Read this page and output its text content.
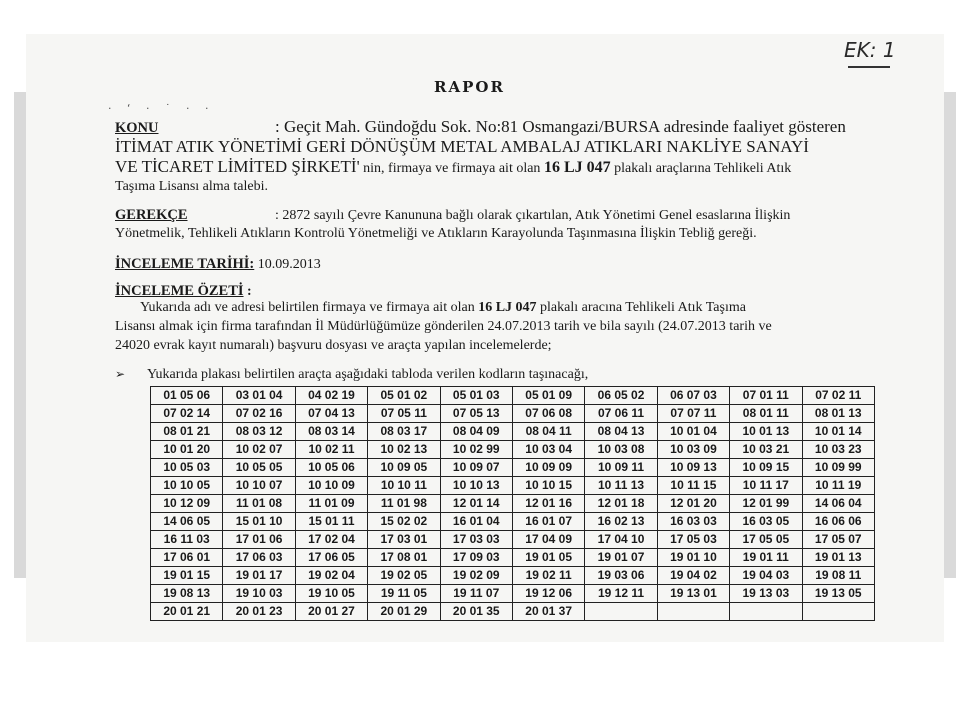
· ‘ · ˙ · ·
EK: 1
RAPOR
KONU	: Geçit Mah. Gündoğdu Sok. No:81 Osmangazi/BURSA adresinde faaliyet gösteren
İTİMAT ATIK YÖNETİMİ GERİ DÖNÜŞÜM METAL AMBALAJ ATIKLARI NAKLİYE SANAYİ
VE TİCARET LİMİTED ŞİRKETİ' nin, firmaya ve firmaya ait olan 16 LJ 047 plakalı araçlarına Tehlikeli Atık
Taşıma Lisansı alma talebi.
GEREKÇE	: 2872 sayılı Çevre Kanununa bağlı olarak çıkartılan, Atık Yönetimi Genel esaslarına İlişkin
Yönetmelik, Tehlikeli Atıkların Kontrolü Yönetmeliği ve Atıkların Karayolunda Taşınmasına İlişkin Tebliğ gereği.
İNCELEME TARİHİ: 10.09.2013
İNCELEME ÖZETİ :
Yukarıda adı ve adresi belirtilen firmaya ve firmaya ait olan 16 LJ 047 plakalı aracına Tehlikeli Atık Taşıma
Lisansı almak için firma tarafından İl Müdürlüğümüze gönderilen 24.07.2013 tarih ve bila sayılı (24.07.2013 tarih ve
24020 evrak kayıt numaralı) başvuru dosyası ve araçta yapılan incelemelerde;
➢ Yukarıda plakası belirtilen araçta aşağıdaki tabloda verilen kodların taşınacağı,
01 05 06	03 01 04	04 02 19	05 01 02	05 01 03	05 01 09	06 05 02	06 07 03	07 01 11	07 02 11
07 02 14	07 02 16	07 04 13	07 05 11	07 05 13	07 06 08	07 06 11	07 07 11	08 01 11	08 01 13
08 01 21	08 03 12	08 03 14	08 03 17	08 04 09	08 04 11	08 04 13	10 01 04	10 01 13	10 01 14
10 01 20	10 02 07	10 02 11	10 02 13	10 02 99	10 03 04	10 03 08	10 03 09	10 03 21	10 03 23
10 05 03	10 05 05	10 05 06	10 09 05	10 09 07	10 09 09	10 09 11	10 09 13	10 09 15	10 09 99
10 10 05	10 10 07	10 10 09	10 10 11	10 10 13	10 10 15	10 11 13	10 11 15	10 11 17	10 11 19
10 12 09	11 01 08	11 01 09	11 01 98	12 01 14	12 01 16	12 01 18	12 01 20	12 01 99	14 06 04
14 06 05	15 01 10	15 01 11	15 02 02	16 01 04	16 01 07	16 02 13	16 03 03	16 03 05	16 06 06
16 11 03	17 01 06	17 02 04	17 03 01	17 03 03	17 04 09	17 04 10	17 05 03	17 05 05	17 05 07
17 06 01	17 06 03	17 06 05	17 08 01	17 09 03	19 01 05	19 01 07	19 01 10	19 01 11	19 01 13
19 01 15	19 01 17	19 02 04	19 02 05	19 02 09	19 02 11	19 03 06	19 04 02	19 04 03	19 08 11
19 08 13	19 10 03	19 10 05	19 11 05	19 11 07	19 12 06	19 12 11	19 13 01	19 13 03	19 13 05
20 01 21	20 01 23	20 01 27	20 01 29	20 01 35	20 01 37				
